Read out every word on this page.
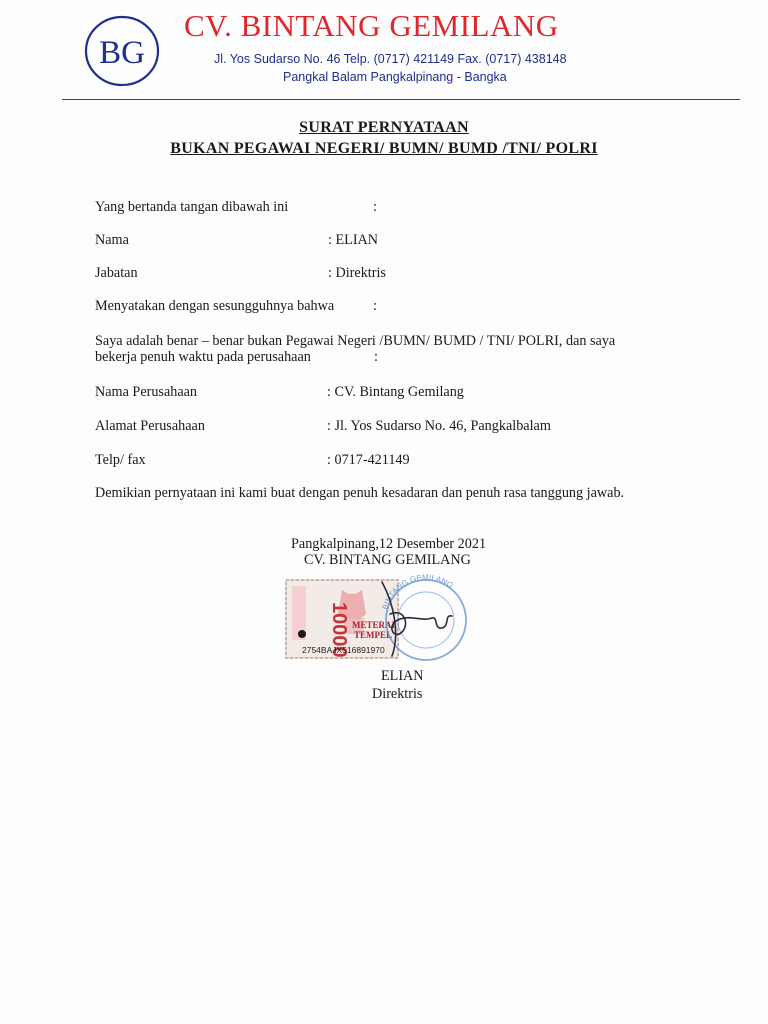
BG
CV. BINTANG GEMILANG
Jl. Yos Sudarso No. 46 Telp. (0717) 421149 Fax. (0717) 438148
Pangkal Balam Pangkalpinang - Bangka
SURAT PERNYATAAN
BUKAN PEGAWAI NEGERI/ BUMN/ BUMD /TNI/ POLRI
Yang bertanda tangan dibawah ini	:
Nama	: ELIAN
Jabatan	: Direktris
Menyatakan dengan sesungguhnya bahwa	:
Saya adalah benar – benar bukan Pegawai Negeri /BUMN/ BUMD / TNI/ POLRI, dan saya
bekerja penuh waktu pada perusahaan	:
Nama Perusahaan	: CV. Bintang Gemilang
Alamat Perusahaan	: Jl. Yos Sudarso No. 46, Pangkalbalam
Telp/ fax	: 0717-421149
Demikian pernyataan ini kami buat dengan penuh kesadaran dan penuh rasa tanggung jawab.
Pangkalpinang,12 Desember 2021
CV. BINTANG GEMILANG
10000 METERAI
TEMPEL
2754BAJX516891970
BINTANG GEMILANG
ELIAN
Direktris
